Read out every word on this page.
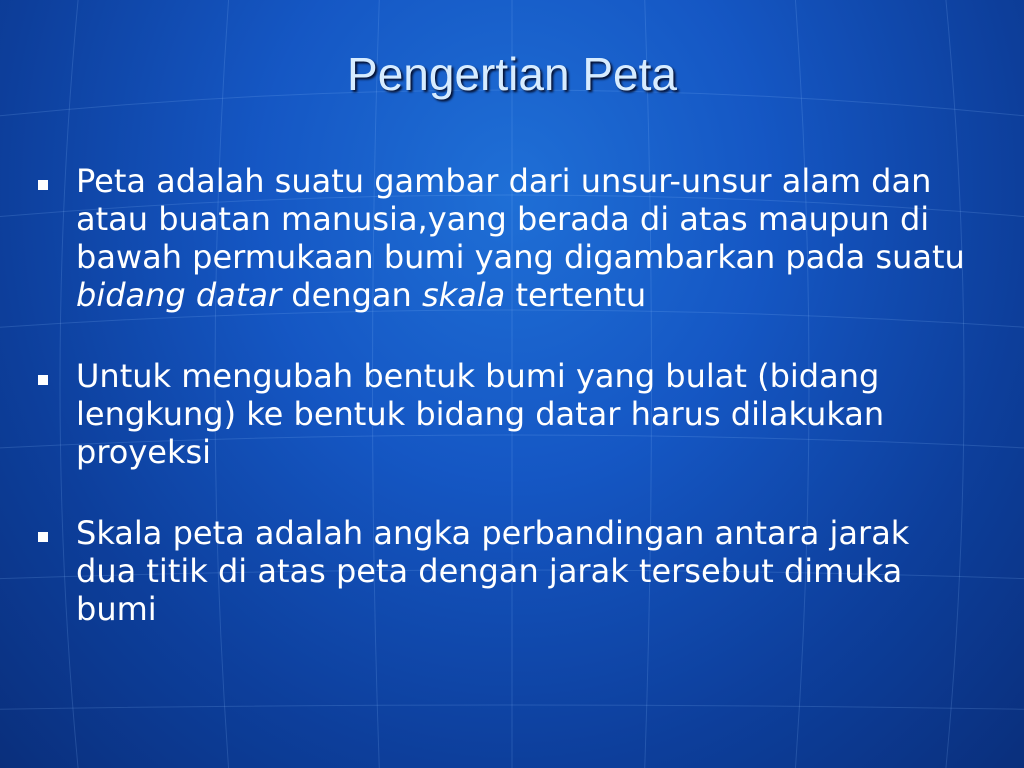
Pengertian Peta
Peta adalah suatu gambar dari unsur-unsur alam dan atau buatan manusia,yang berada di atas maupun di bawah permukaan bumi yang digambarkan pada suatu bidang datar dengan skala tertentu
Untuk mengubah bentuk bumi yang bulat (bidang lengkung) ke bentuk bidang datar harus dilakukan proyeksi
Skala peta adalah angka perbandingan antara jarak dua titik di atas peta dengan jarak tersebut dimuka bumi
